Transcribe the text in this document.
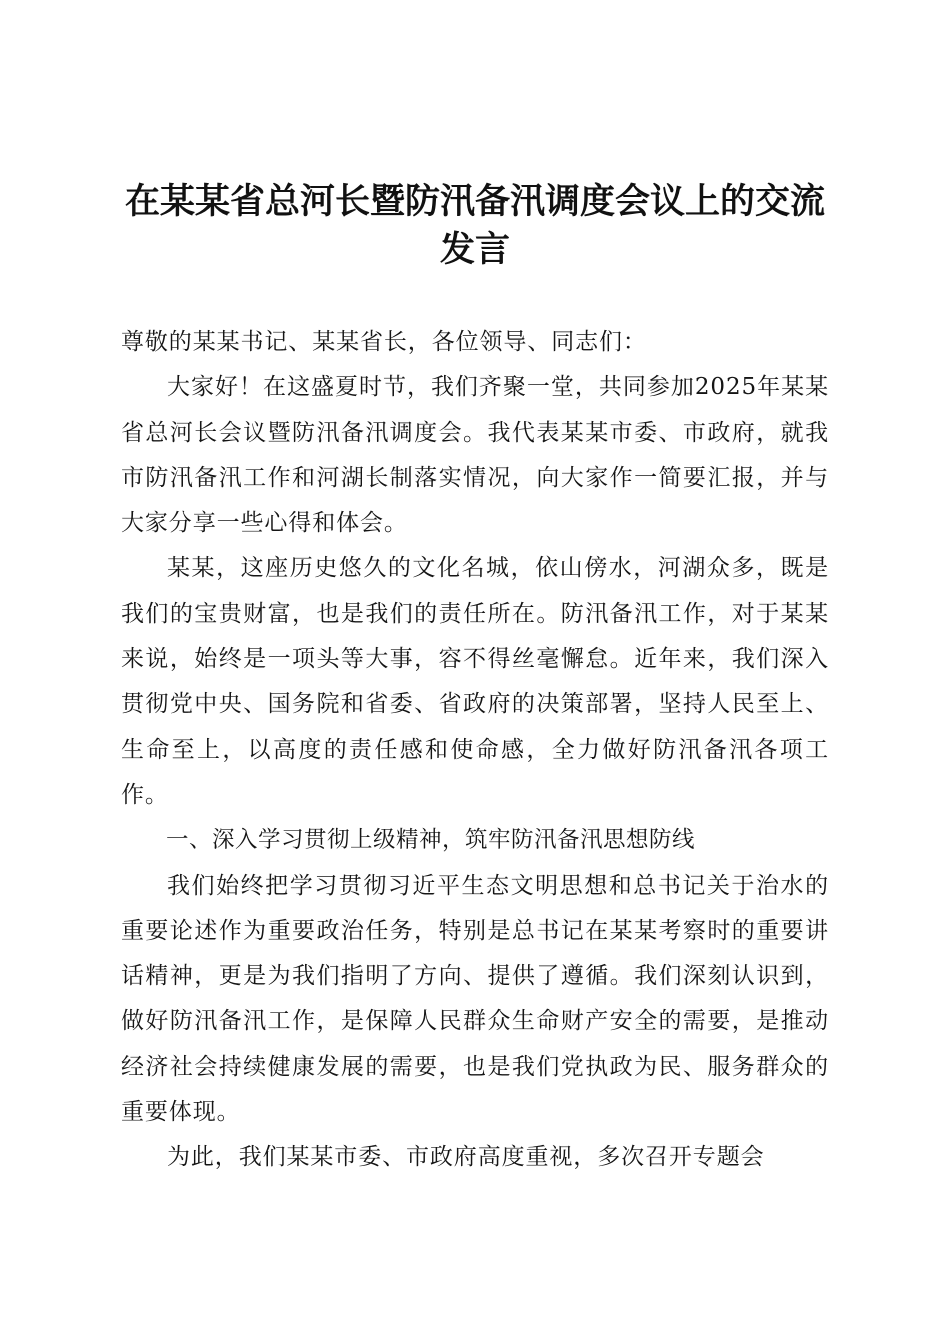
在某某省总河长暨防汛备汛调度会议上的交流
发言

尊敬的某某书记、某某省长，各位领导、同志们：

大家好！在这盛夏时节，我们齐聚一堂，共同参加2025年某某省总河长会议暨防汛备汛调度会。我代表某某市委、市政府，就我市防汛备汛工作和河湖长制落实情况，向大家作一简要汇报，并与大家分享一些心得和体会。

某某，这座历史悠久的文化名城，依山傍水，河湖众多，既是我们的宝贵财富，也是我们的责任所在。防汛备汛工作，对于某某来说，始终是一项头等大事，容不得丝毫懈怠。近年来，我们深入贯彻党中央、国务院和省委、省政府的决策部署，坚持人民至上、生命至上，以高度的责任感和使命感，全力做好防汛备汛各项工作。

一、深入学习贯彻上级精神，筑牢防汛备汛思想防线

我们始终把学习贯彻习近平生态文明思想和总书记关于治水的重要论述作为重要政治任务，特别是总书记在某某考察时的重要讲话精神，更是为我们指明了方向、提供了遵循。我们深刻认识到，做好防汛备汛工作，是保障人民群众生命财产安全的需要，是推动经济社会持续健康发展的需要，也是我们党执政为民、服务群众的重要体现。

为此，我们某某市委、市政府高度重视，多次召开专题会
